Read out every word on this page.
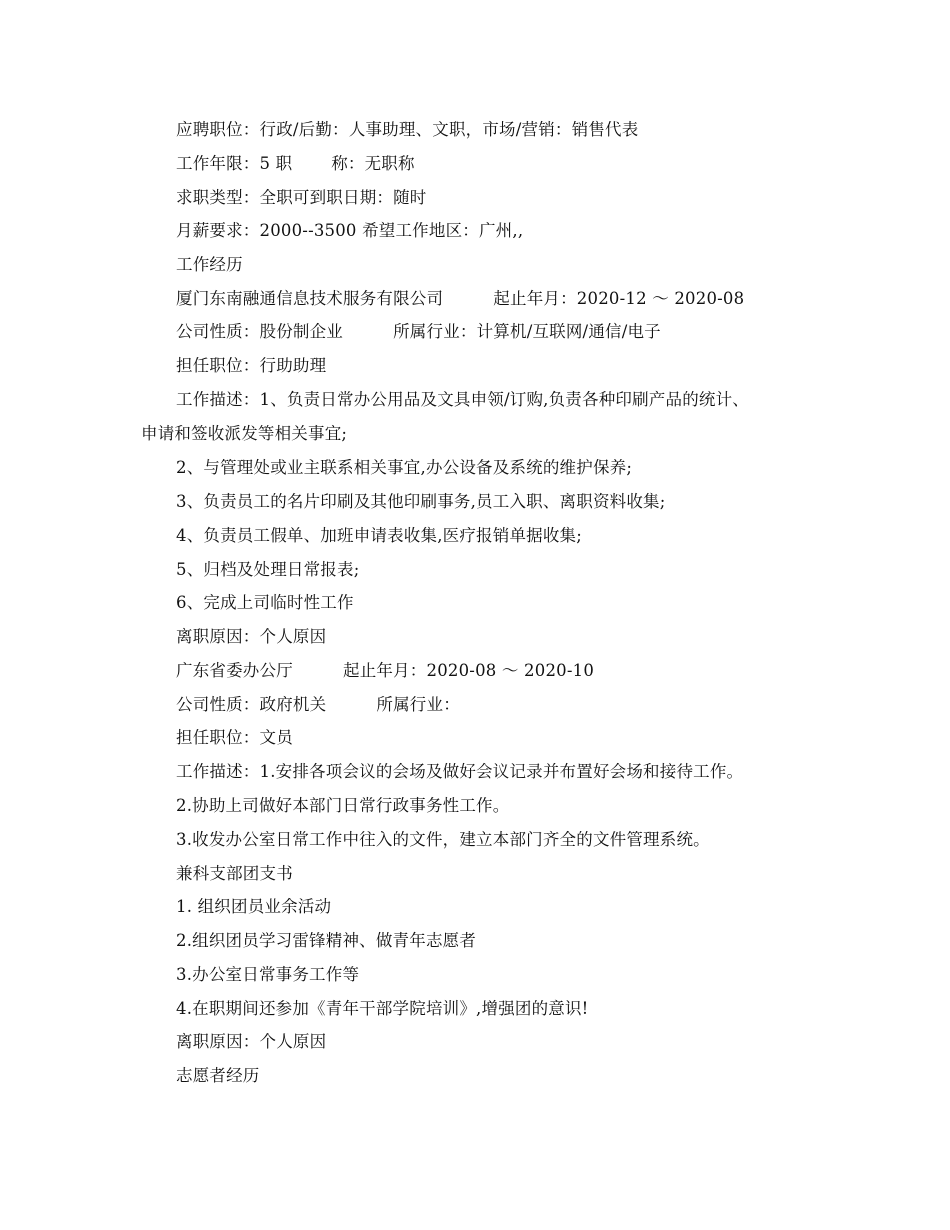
应聘职位：行政/后勤：人事助理、文职，市场/营销：销售代表
工作年限：5 职　　 称：无职称
求职类型：全职可到职日期：随时
月薪要求：2000--3500 希望工作地区：广州,,
工作经历
厦门东南融通信息技术服务有限公司　　　起止年月：2020-12 ～ 2020-08
公司性质：股份制企业　　　所属行业：计算机/互联网/通信/电子
担任职位：行助助理
工作描述：1、负责日常办公用品及文具申领/订购,负责各种印刷产品的统计、
申请和签收派发等相关事宜;
2、与管理处或业主联系相关事宜,办公设备及系统的维护保养;
3、负责员工的名片印刷及其他印刷事务,员工入职、离职资料收集;
4、负责员工假单、加班申请表收集,医疗报销单据收集;
5、归档及处理日常报表;
6、完成上司临时性工作
离职原因：个人原因
广东省委办公厅　　　起止年月：2020-08 ～ 2020-10
公司性质：政府机关　　　所属行业：
担任职位：文员
工作描述：1.安排各项会议的会场及做好会议记录并布置好会场和接待工作。
2.协助上司做好本部门日常行政事务性工作。
3.收发办公室日常工作中往入的文件，建立本部门齐全的文件管理系统。
兼科支部团支书
1. 组织团员业余活动
2.组织团员学习雷锋精神、做青年志愿者
3.办公室日常事务工作等
4.在职期间还参加《青年干部学院培训》,增强团的意识!
离职原因：个人原因
志愿者经历
